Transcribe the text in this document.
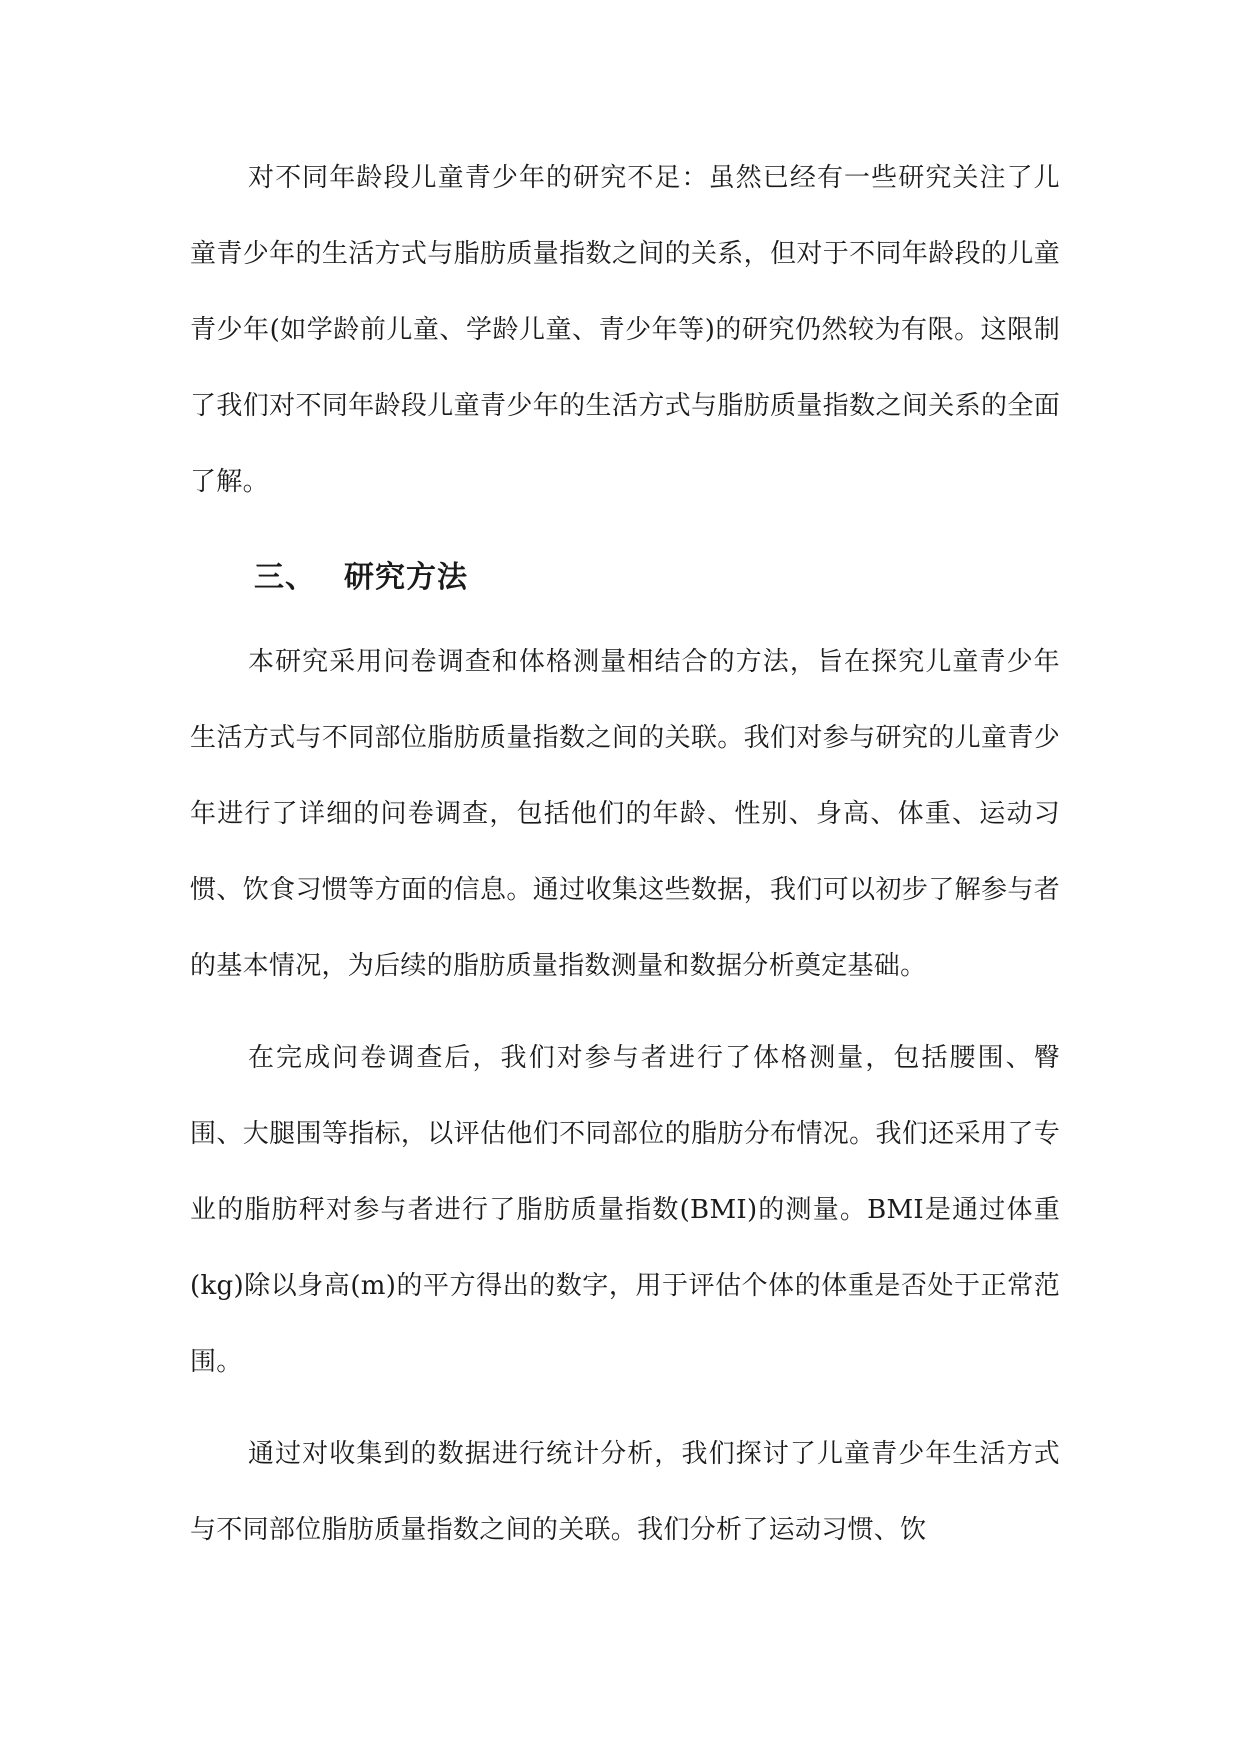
对不同年龄段儿童青少年的研究不足：虽然已经有一些研究关注了儿童青少年的生活方式与脂肪质量指数之间的关系，但对于不同年龄段的儿童青少年(如学龄前儿童、学龄儿童、青少年等)的研究仍然较为有限。这限制了我们对不同年龄段儿童青少年的生活方式与脂肪质量指数之间关系的全面了解。

三、 研究方法

本研究采用问卷调查和体格测量相结合的方法，旨在探究儿童青少年生活方式与不同部位脂肪质量指数之间的关联。我们对参与研究的儿童青少年进行了详细的问卷调查，包括他们的年龄、性别、身高、体重、运动习惯、饮食习惯等方面的信息。通过收集这些数据，我们可以初步了解参与者的基本情况，为后续的脂肪质量指数测量和数据分析奠定基础。

在完成问卷调查后，我们对参与者进行了体格测量，包括腰围、臀围、大腿围等指标，以评估他们不同部位的脂肪分布情况。我们还采用了专业的脂肪秤对参与者进行了脂肪质量指数(BMI)的测量。BMI是通过体重(kg)除以身高(m)的平方得出的数字，用于评估个体的体重是否处于正常范围。

通过对收集到的数据进行统计分析，我们探讨了儿童青少年生活方式与不同部位脂肪质量指数之间的关联。我们分析了运动习惯、饮
